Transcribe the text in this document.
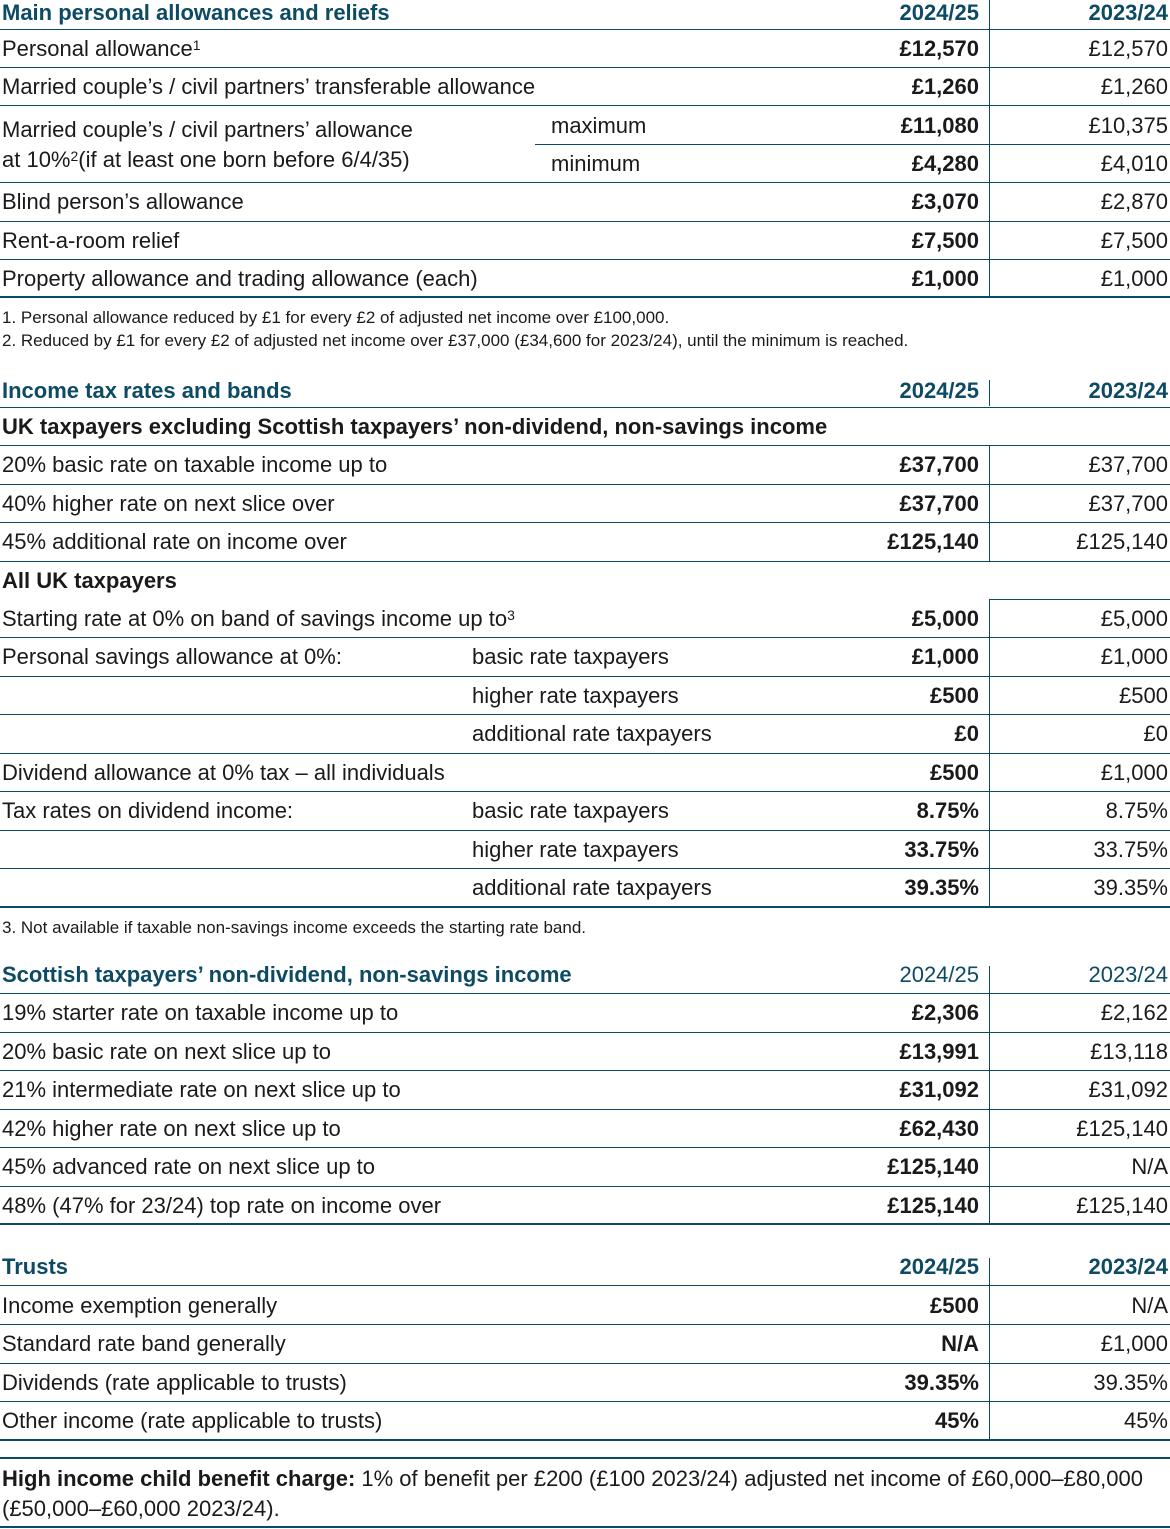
Main personal allowances and reliefs	2024/25	2023/24
Personal allowance$^1$	£12,570	£12,570
Married couple’s / civil partners’ transferable allowance	£1,260	£1,260
Married couple’s / civil partners’ allowance
at 10%$^2$(if at least one born before 6/4/35)
maximum	£11,080	£10,375
minimum	£4,280	£4,010
Blind person’s allowance	£3,070	£2,870
Rent-a-room relief	£7,500	£7,500
Property allowance and trading allowance (each)	£1,000	£1,000
1. Personal allowance reduced by £1 for every £2 of adjusted net income over £100,000.
2. Reduced by £1 for every £2 of adjusted net income over £37,000 (£34,600 for 2023/24), until the minimum is reached.
Income tax rates and bands	2024/25	2023/24
UK taxpayers excluding Scottish taxpayers’ non-dividend, non-savings income
20% basic rate on taxable income up to	£37,700	£37,700
40% higher rate on next slice over	£37,700	£37,700
45% additional rate on income over	£125,140	£125,140
All UK taxpayers
Starting rate at 0% on band of savings income up $to^3$	£5,000	£5,000
Personal savings allowance at 0%:	basic rate taxpayers	£1,000	£1,000
higher rate taxpayers	£500	£500
additional rate taxpayers	£0	£0
Dividend allowance at 0% tax – all individuals	£500	£1,000
Tax rates on dividend income:	basic rate taxpayers	8.75%	8.75%
higher rate taxpayers	33.75%	33.75%
additional rate taxpayers	39.35%	39.35%
3. Not available if taxable non-savings income exceeds the starting rate band.
Scottish taxpayers’ non-dividend, non-savings income	2024/25	2023/24
19% starter rate on taxable income up to	£2,306	£2,162
20% basic rate on next slice up to	£13,991	£13,118
21% intermediate rate on next slice up to	£31,092	£31,092
42% higher rate on next slice up to	£62,430	£125,140
45% advanced rate on next slice up to	£125,140	N/A
48% (47% for 23/24) top rate on income over	£125,140	£125,140
Trusts	2024/25	2023/24
Income exemption generally	£500	N/A
Standard rate band generally	N/A	£1,000
Dividends (rate applicable to trusts)	39.35%	39.35%
Other income (rate applicable to trusts)	45%	45%
High income child benefit charge: 1% of benefit per £200 (£100 2023/24) adjusted net income of £60,000–£80,000 (£50,000–£60,000 2023/24).
